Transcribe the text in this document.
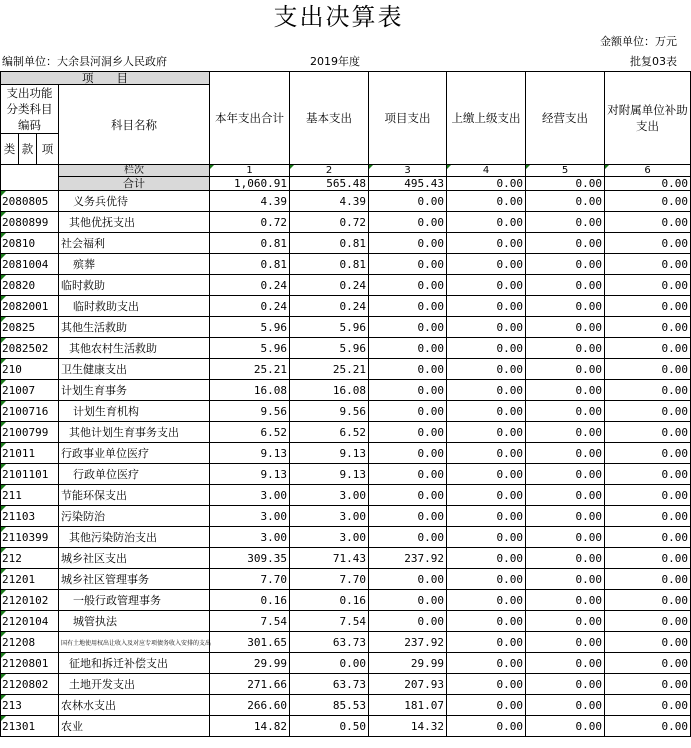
支出决算表
金额单位：万元
编制单位：大余县河洞乡人民政府	2019年度	批复03表
项　　目				本年支出合计	基本支出	项目支出	上缴上级支出	经营支出	对附属单位补助支出
支出功能分类科目编码			科目名称						
类	款	项							
			栏次	1	2	3	4	5	6
			合计	1,060.91	565.48	495.43	0.00	0.00	0.00
2080805			义务兵优待	4.39	4.39	0.00	0.00	0.00	0.00
2080899			其他优抚支出	0.72	0.72	0.00	0.00	0.00	0.00
20810			社会福利	0.81	0.81	0.00	0.00	0.00	0.00
2081004			殡葬	0.81	0.81	0.00	0.00	0.00	0.00
20820			临时救助	0.24	0.24	0.00	0.00	0.00	0.00
2082001			临时救助支出	0.24	0.24	0.00	0.00	0.00	0.00
20825			其他生活救助	5.96	5.96	0.00	0.00	0.00	0.00
2082502			其他农村生活救助	5.96	5.96	0.00	0.00	0.00	0.00
210			卫生健康支出	25.21	25.21	0.00	0.00	0.00	0.00
21007			计划生育事务	16.08	16.08	0.00	0.00	0.00	0.00
2100716			计划生育机构	9.56	9.56	0.00	0.00	0.00	0.00
2100799			其他计划生育事务支出	6.52	6.52	0.00	0.00	0.00	0.00
21011			行政事业单位医疗	9.13	9.13	0.00	0.00	0.00	0.00
2101101			行政单位医疗	9.13	9.13	0.00	0.00	0.00	0.00
211			节能环保支出	3.00	3.00	0.00	0.00	0.00	0.00
21103			污染防治	3.00	3.00	0.00	0.00	0.00	0.00
2110399			其他污染防治支出	3.00	3.00	0.00	0.00	0.00	0.00
212			城乡社区支出	309.35	71.43	237.92	0.00	0.00	0.00
21201			城乡社区管理事务	7.70	7.70	0.00	0.00	0.00	0.00
2120102			一般行政管理事务	0.16	0.16	0.00	0.00	0.00	0.00
2120104			城管执法	7.54	7.54	0.00	0.00	0.00	0.00
21208			国有土地使用权出让收入及对应专项债务收入安排的支出	301.65	63.73	237.92	0.00	0.00	0.00
2120801			征地和拆迁补偿支出	29.99	0.00	29.99	0.00	0.00	0.00
2120802			土地开发支出	271.66	63.73	207.93	0.00	0.00	0.00
213			农林水支出	266.60	85.53	181.07	0.00	0.00	0.00
21301			农业	14.82	0.50	14.32	0.00	0.00	0.00
